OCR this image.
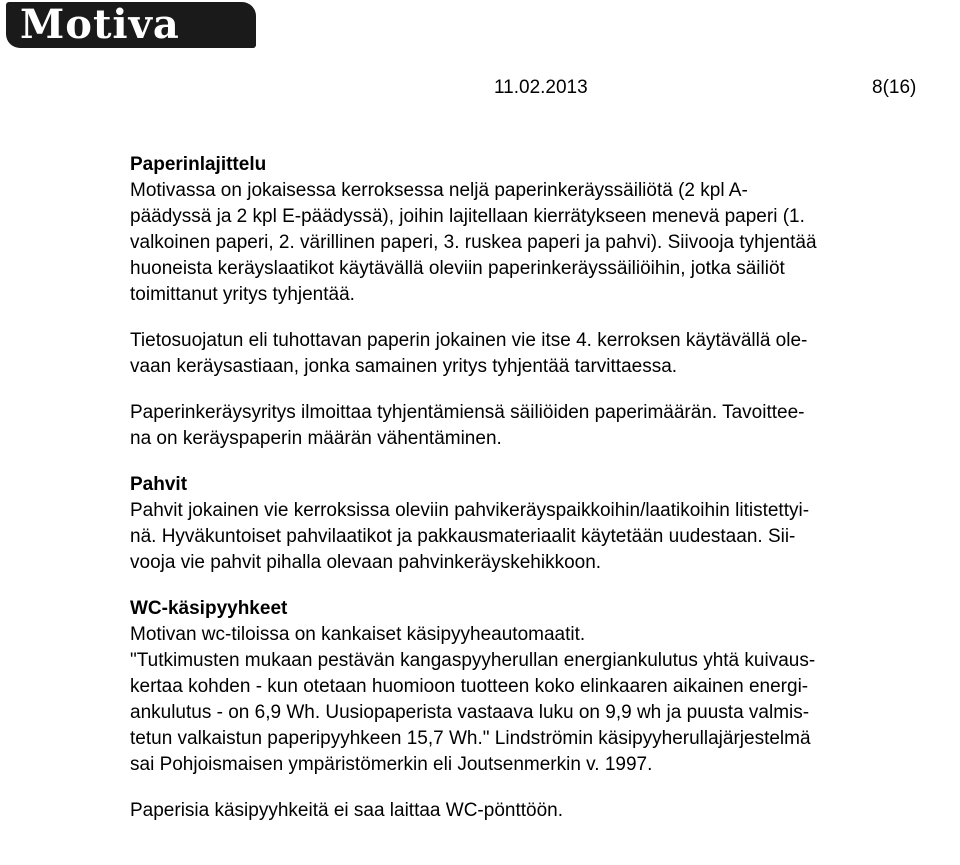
Motiva
11.02.2013	8(16)
Paperinlajittelu
Motivassa on jokaisessa kerroksessa neljä paperinkeräyssäiliötä (2 kpl A-
päädyssä ja 2 kpl E-päädyssä), joihin lajitellaan kierrätykseen menevä paperi (1.
valkoinen paperi, 2. värillinen paperi, 3. ruskea paperi ja pahvi). Siivooja tyhjentää
huoneista keräyslaatikot käytävällä oleviin paperinkeräyssäiliöihin, jotka säiliöt
toimittanut yritys tyhjentää.
Tietosuojatun eli tuhottavan paperin jokainen vie itse 4. kerroksen käytävällä ole-
vaan keräysastiaan, jonka samainen yritys tyhjentää tarvittaessa.
Paperinkeräysyritys ilmoittaa tyhjentämiensä säiliöiden paperimäärän. Tavoittee-
na on keräyspaperin määrän vähentäminen.
Pahvit
Pahvit jokainen vie kerroksissa oleviin pahvikeräyspaikkoihin/laatikoihin litistettyi-
nä. Hyväkuntoiset pahvilaatikot ja pakkausmateriaalit käytetään uudestaan. Sii-
vooja vie pahvit pihalla olevaan pahvinkeräyskehikkoon.
WC-käsipyyhkeet
Motivan wc-tiloissa on kankaiset käsipyyheautomaatit.
"Tutkimusten mukaan pestävän kangaspyyherullan energiankulutus yhtä kuivaus-
kertaa kohden - kun otetaan huomioon tuotteen koko elinkaaren aikainen energi-
ankulutus - on 6,9 Wh. Uusiopaperista vastaava luku on 9,9 wh ja puusta valmis-
tetun valkaistun paperipyyhkeen 15,7 Wh." Lindströmin käsipyyherullajärjestelmä
sai Pohjoismaisen ympäristömerkin eli Joutsenmerkin v. 1997.
Paperisia käsipyyhkeitä ei saa laittaa WC-pönttöön.
